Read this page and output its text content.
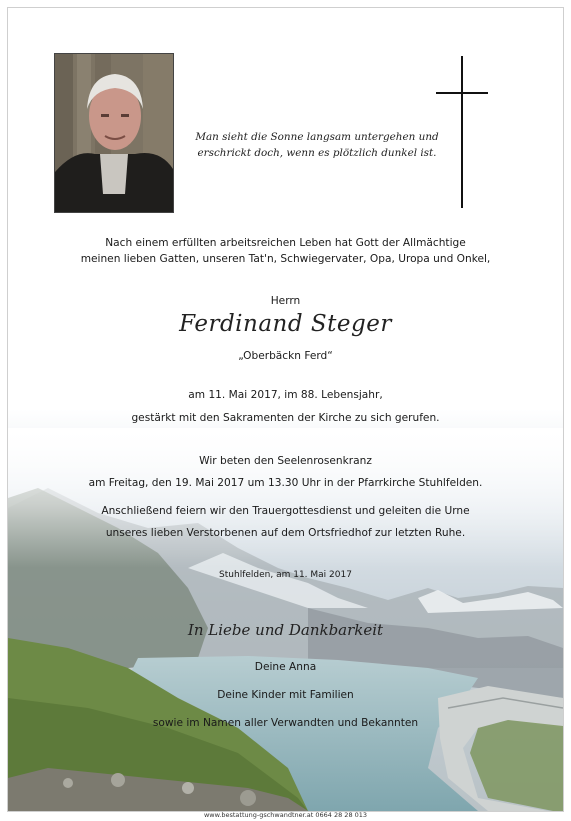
Man sieht die Sonne langsam untergehen und
erschrickt doch, wenn es plötzlich dunkel ist.
Nach einem erfüllten arbeitsreichen Leben hat Gott der Allmächtige
meinen lieben Gatten, unseren Tat'n, Schwiegervater, Opa, Uropa und Onkel,
Herrn
Ferdinand Steger
„Oberbäckn Ferd“
am 11. Mai 2017, im 88. Lebensjahr,
gestärkt mit den Sakramenten der Kirche zu sich gerufen.
Wir beten den Seelenrosenkranz
am Freitag, den 19. Mai 2017 um 13.30 Uhr in der Pfarrkirche Stuhlfelden.
Anschließend feiern wir den Trauergottesdienst und geleiten die Urne
unseres lieben Verstorbenen auf dem Ortsfriedhof zur letzten Ruhe.
Stuhlfelden, am 11. Mai 2017
In Liebe und Dankbarkeit
Deine Anna
Deine Kinder mit Familien
sowie im Namen aller Verwandten und Bekannten
www.bestattung-gschwandtner.at 0664 28 28 013
